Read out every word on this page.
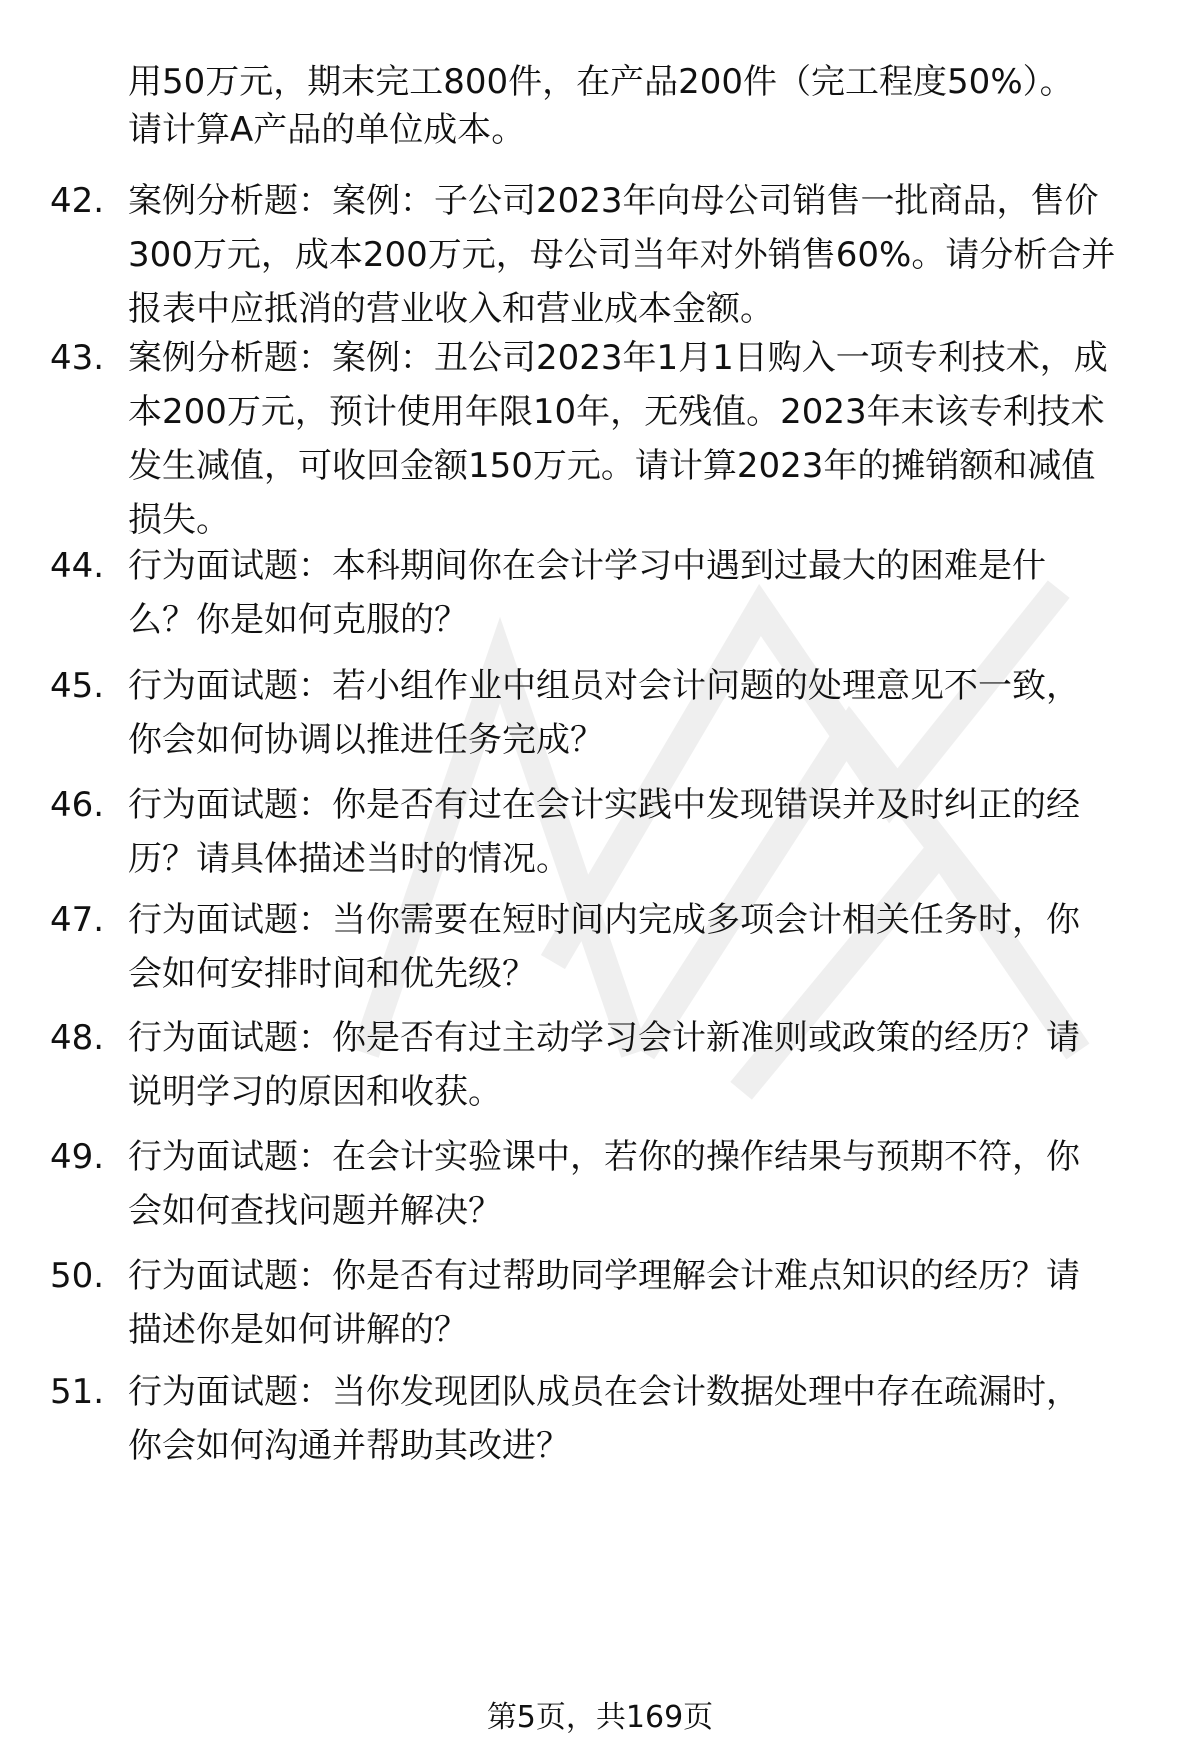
用50万元，期末完工800件，在产品200件（完工程度50%）。
请计算A产品的单位成本。
42. 案例分析题：案例：子公司2023年向母公司销售一批商品，售价
300万元，成本200万元，母公司当年对外销售60%。请分析合并
报表中应抵消的营业收入和营业成本金额。
43. 案例分析题：案例：丑公司2023年1月1日购入一项专利技术，成
本200万元，预计使用年限10年，无残值。2023年末该专利技术
发生减值，可收回金额150万元。请计算2023年的摊销额和减值
损失。
44. 行为面试题：本科期间你在会计学习中遇到过最大的困难是什
么？你是如何克服的？
45. 行为面试题：若小组作业中组员对会计问题的处理意见不一致，
你会如何协调以推进任务完成？
46. 行为面试题：你是否有过在会计实践中发现错误并及时纠正的经
历？请具体描述当时的情况。
47. 行为面试题：当你需要在短时间内完成多项会计相关任务时，你
会如何安排时间和优先级？
48. 行为面试题：你是否有过主动学习会计新准则或政策的经历？请
说明学习的原因和收获。
49. 行为面试题：在会计实验课中，若你的操作结果与预期不符，你
会如何查找问题并解决？
50. 行为面试题：你是否有过帮助同学理解会计难点知识的经历？请
描述你是如何讲解的？
51. 行为面试题：当你发现团队成员在会计数据处理中存在疏漏时，
你会如何沟通并帮助其改进？
第5页，共169页
